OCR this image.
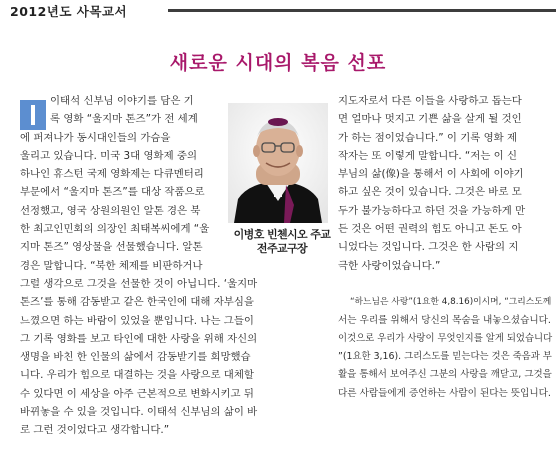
2012년도 사목교서
새로운 시대의 복음 선포
이태석 신부님 이야기를 담은 기
록 영화 “울지마 톤즈”가 전 세계
에 퍼져나가 동시대인들의 가슴을
울리고 있습니다. 미국 3대 영화제 중의
하나인 휴스턴 국제 영화제는 다큐멘터리
부문에서 “울지마 톤즈”를 대상 작품으로
선정했고, 영국 상원의원인 알톤 경은 북
한 최고인민회의 의장인 최태복씨에게 “울
지마 톤즈” 영상물을 선물했습니다. 알톤
경은 말합니다. “북한 체제를 비판하거나
그럴 생각으로 그것을 선물한 것이 아닙니다. ‘울지마
톤즈’를 통해 감동받고 같은 한국인에 대해 자부심을
느꼈으면 하는 바람이 있었을 뿐입니다. 나는 그들이
그 기록 영화를 보고 타인에 대한 사랑을 위해 자신의
생명을 바친 한 인물의 삶에서 감동받기를 희망했습
니다. 우리가 힘으로 대결하는 것을 사랑으로 대체할
수 있다면 이 세상을 아주 근본적으로 변화시키고 뒤
바뀌놓을 수 있을 것입니다. 이태석 신부님의 삶이 바
로 그런 것이었다고 생각합니다.”
이병호 빈첸시오 주교
전주교구장
지도자로서 다른 이들을 사랑하고 돕는다
면 얼마나 멋지고 기쁜 삶을 살게 될 것인
가 하는 점이었습니다.” 이 기록 영화 제
작자는 또 이렇게 말합니다. “저는 이 신
부님의 삶(像)을 통해서 이 사회에 이야기
하고 싶은 것이 있습니다. 그것은 바로 모
두가 불가능하다고 하던 것을 가능하게 만
든 것은 어떤 권력의 힘도 아니고 돈도 아
니었다는 것입니다. 그것은 한 사람의 지
극한 사랑이었습니다.”
“하느님은 사랑”(1요한 4,8.16)이시며, “그리스도께
서는 우리를 위해서 당신의 목숨을 내놓으셨습니다.
이것으로 우리가 사랑이 무엇인지를 알게 되었습니다
”(1요한 3,16). 그리스도를 믿는다는 것은 죽음과 부
활을 통해서 보여주신 그분의 사랑을 깨닫고, 그것을
다른 사람들에게 증언하는 사람이 된다는 뜻입니다.
